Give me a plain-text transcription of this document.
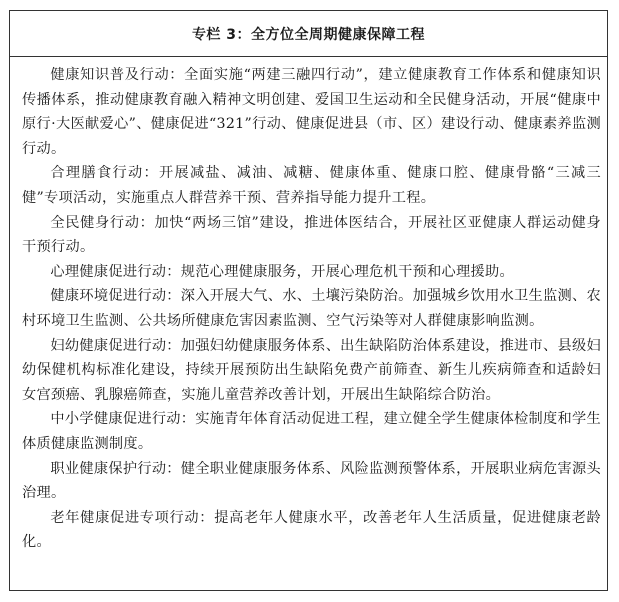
专栏 3：全方位全周期健康保障工程

健康知识普及行动：全面实施“两建三融四行动”，建立健康教育工作体系和健康知识传播体系，推动健康教育融入精神文明创建、爱国卫生运动和全民健身活动，开展“健康中原行·大医献爱心”、健康促进“321”行动、健康促进县（市、区）建设行动、健康素养监测行动。

合理膳食行动：开展减盐、减油、减糖、健康体重、健康口腔、健康骨骼“三减三健”专项活动，实施重点人群营养干预、营养指导能力提升工程。

全民健身行动：加快“两场三馆”建设，推进体医结合，开展社区亚健康人群运动健身干预行动。

心理健康促进行动：规范心理健康服务，开展心理危机干预和心理援助。

健康环境促进行动：深入开展大气、水、土壤污染防治。加强城乡饮用水卫生监测、农村环境卫生监测、公共场所健康危害因素监测、空气污染等对人群健康影响监测。

妇幼健康促进行动：加强妇幼健康服务体系、出生缺陷防治体系建设，推进市、县级妇幼保健机构标准化建设，持续开展预防出生缺陷免费产前筛查、新生儿疾病筛查和适龄妇女宫颈癌、乳腺癌筛查，实施儿童营养改善计划，开展出生缺陷综合防治。

中小学健康促进行动：实施青年体育活动促进工程，建立健全学生健康体检制度和学生体质健康监测制度。

职业健康保护行动：健全职业健康服务体系、风险监测预警体系，开展职业病危害源头治理。

老年健康促进专项行动：提高老年人健康水平，改善老年人生活质量，促进健康老龄化。
